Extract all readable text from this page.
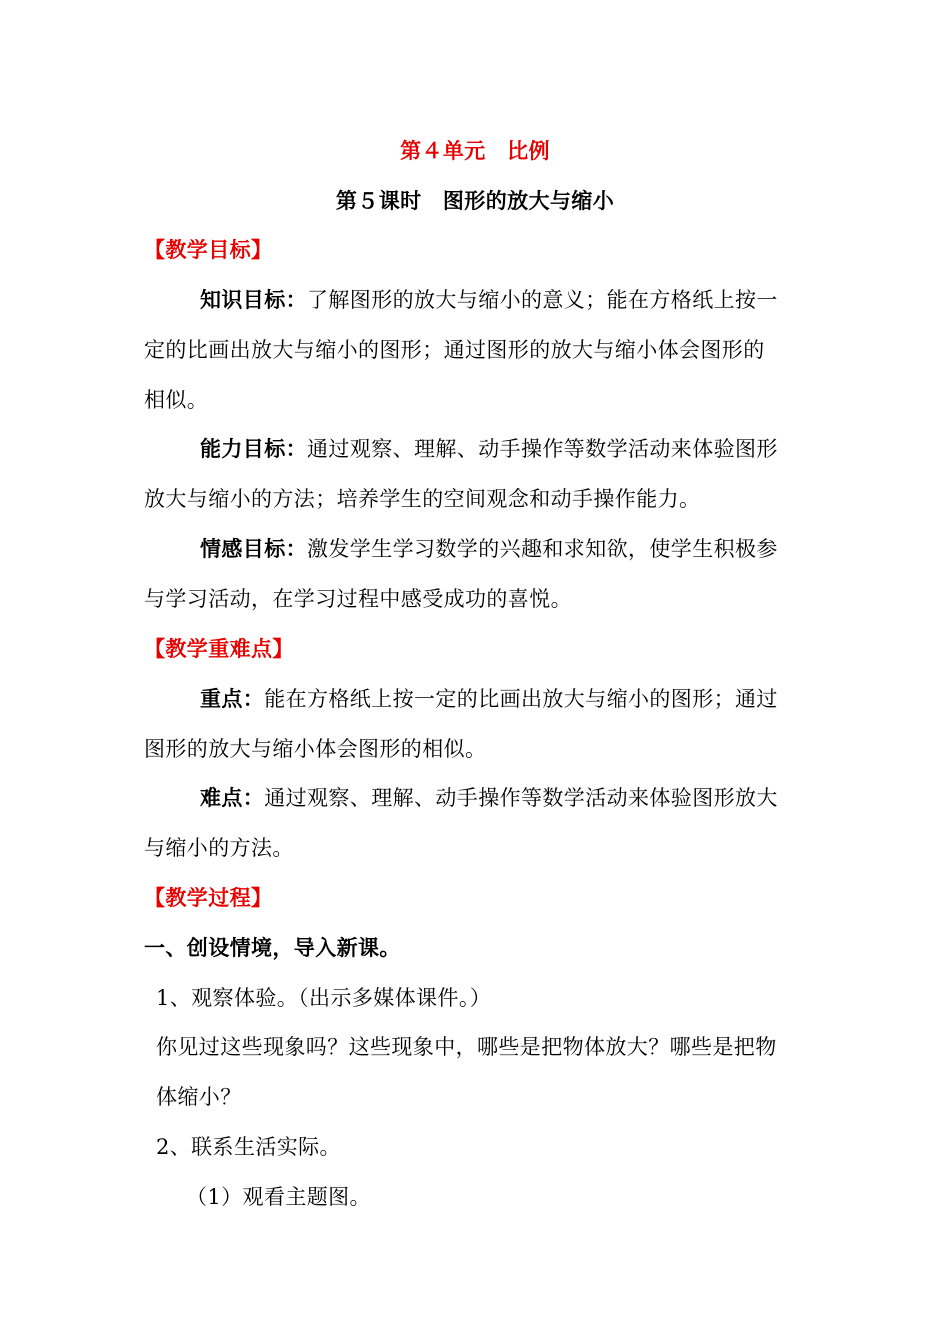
第４单元　比例
第５课时　图形的放大与缩小
【教学目标】
知识目标：了解图形的放大与缩小的意义；能在方格纸上按一
定的比画出放大与缩小的图形；通过图形的放大与缩小体会图形的
相似。
能力目标：通过观察、理解、动手操作等数学活动来体验图形
放大与缩小的方法；培养学生的空间观念和动手操作能力。
情感目标：激发学生学习数学的兴趣和求知欲，使学生积极参
与学习活动，在学习过程中感受成功的喜悦。
【教学重难点】
重点：能在方格纸上按一定的比画出放大与缩小的图形；通过
图形的放大与缩小体会图形的相似。
难点：通过观察、理解、动手操作等数学活动来体验图形放大
与缩小的方法。
【教学过程】
一、创设情境，导入新课。
1、观察体验。（出示多媒体课件。）
你见过这些现象吗？这些现象中，哪些是把物体放大？哪些是把物
体缩小？
2、联系生活实际。
（1）观看主题图。
